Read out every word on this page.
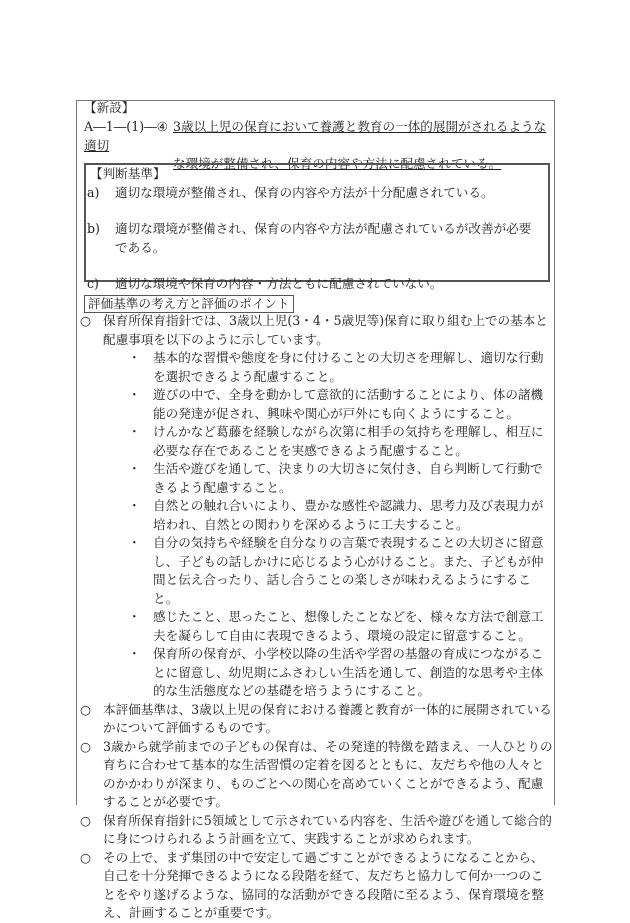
【新設】
A―1―(1)―④ 3歳以上児の保育において養護と教育の一体的展開がされるような適切
な環境が整備され、保育の内容や方法に配慮されている。
【判断基準】
a)	適切な環境が整備され、保育の内容や方法が十分配慮されている。
b)	適切な環境が整備され、保育の内容や方法が配慮されているが改善が必要である。
c)	適切な環境や保育の内容・方法ともに配慮されていない。
評価基準の考え方と評価のポイント
○ 保育所保育指針では、3歳以上児(3・4・5歳児等)保育に取り組む上での基本と配慮事項を以下のように示しています。
・ 基本的な習慣や態度を身に付けることの大切さを理解し、適切な行動を選択できるよう配慮すること。
・ 遊びの中で、全身を動かして意欲的に活動することにより、体の諸機能の発達が促され、興味や関心が戸外にも向くようにすること。
・ けんかなど葛藤を経験しながら次第に相手の気持ちを理解し、相互に必要な存在であることを実感できるよう配慮すること。
・ 生活や遊びを通して、決まりの大切さに気付き、自ら判断して行動できるよう配慮すること。
・ 自然との触れ合いにより、豊かな感性や認識力、思考力及び表現力が培われ、自然との関わりを深めるように工夫すること。
・ 自分の気持ちや経験を自分なりの言葉で表現することの大切さに留意し、子どもの話しかけに応じるよう心がけること。また、子どもが仲間と伝え合ったり、話し合うことの楽しさが味わえるようにすること。
・ 感じたこと、思ったこと、想像したことなどを、様々な方法で創意工夫を凝らして自由に表現できるよう、環境の設定に留意すること。
・ 保育所の保育が、小学校以降の生活や学習の基盤の育成につながることに留意し、幼児期にふさわしい生活を通して、創造的な思考や主体的な生活態度などの基礎を培うようにすること。
○ 本評価基準は、3歳以上児の保育における養護と教育が一体的に展開されているかについて評価するものです。
○ 3歳から就学前までの子どもの保育は、その発達的特徴を踏まえ、一人ひとりの育ちに合わせて基本的な生活習慣の定着を図るとともに、友だちや他の人々とのかかわりが深まり、ものごとへの関心を高めていくことができるよう、配慮することが必要です。
○ 保育所保育指針に5領域として示されている内容を、生活や遊びを通して総合的に身につけられるよう計画を立て、実践することが求められます。
○ その上で、まず集団の中で安定して過ごすことができるようになることから、自己を十分発揮できるようになる段階を経て、友だちと協力して何か一つのことをやり遂げるような、協同的な活動ができる段階に至るよう、保育環境を整え、計画することが重要です。
